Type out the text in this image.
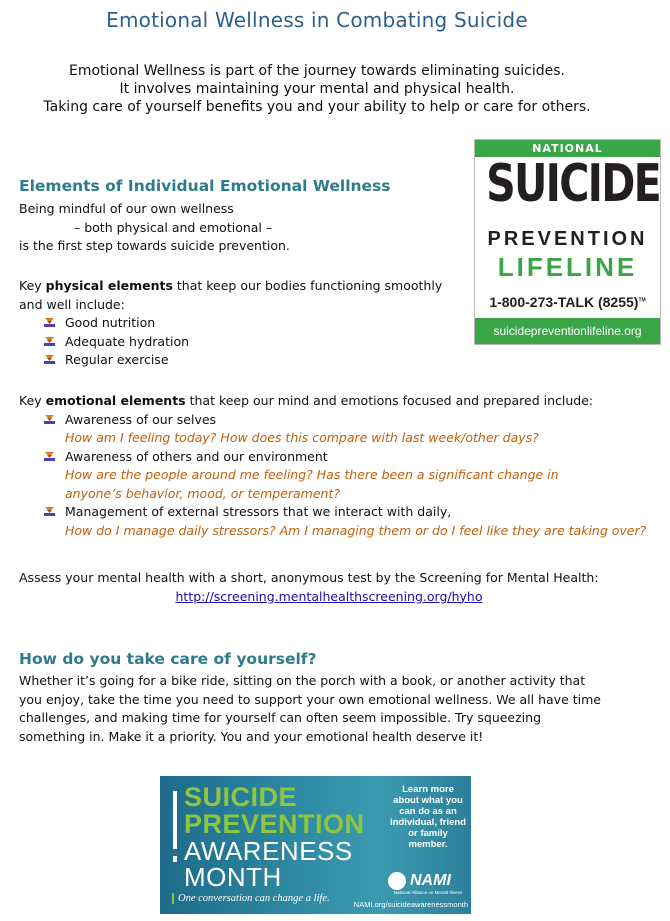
Emotional Wellness in Combating Suicide
Emotional Wellness is part of the journey towards eliminating suicides.
It involves maintaining your mental and physical health.
Taking care of yourself benefits you and your ability to help or care for others.
NATIONAL
SUICIDE
PREVENTION
LIFELINE
1-800-273-TALK (8255)™
suicidepreventionlifeline.org
Elements of Individual Emotional Wellness
Being mindful of our own wellness
– both physical and emotional –
is the first step towards suicide prevention.
Key physical elements that keep our bodies functioning smoothly
and well include:
Good nutrition
Adequate hydration
Regular exercise
Key emotional elements that keep our mind and emotions focused and prepared include:
Awareness of our selves
How am I feeling today? How does this compare with last week/other days?
Awareness of others and our environment
How are the people around me feeling? Has there been a significant change in anyone’s behavior, mood, or temperament?
Management of external stressors that we interact with daily,
How do I manage daily stressors? Am I managing them or do I feel like they are taking over?
Assess your mental health with a short, anonymous test by the Screening for Mental Health:
http://screening.mentalhealthscreening.org/hyho
How do you take care of yourself?
Whether it’s going for a bike ride, sitting on the porch with a book, or another activity that you enjoy, take the time you need to support your own emotional wellness. We all have time challenges, and making time for yourself can often seem impossible. Try squeezing something in. Make it a priority. You and your emotional health deserve it!
SUICIDE
PREVENTION
AWARENESS
MONTH
One conversation can change a life.
Learn more about what you can do as an individual, friend or family member.
NAMI
National Alliance on Mental Illness
NAMI.org/suicideawarenessmonth
